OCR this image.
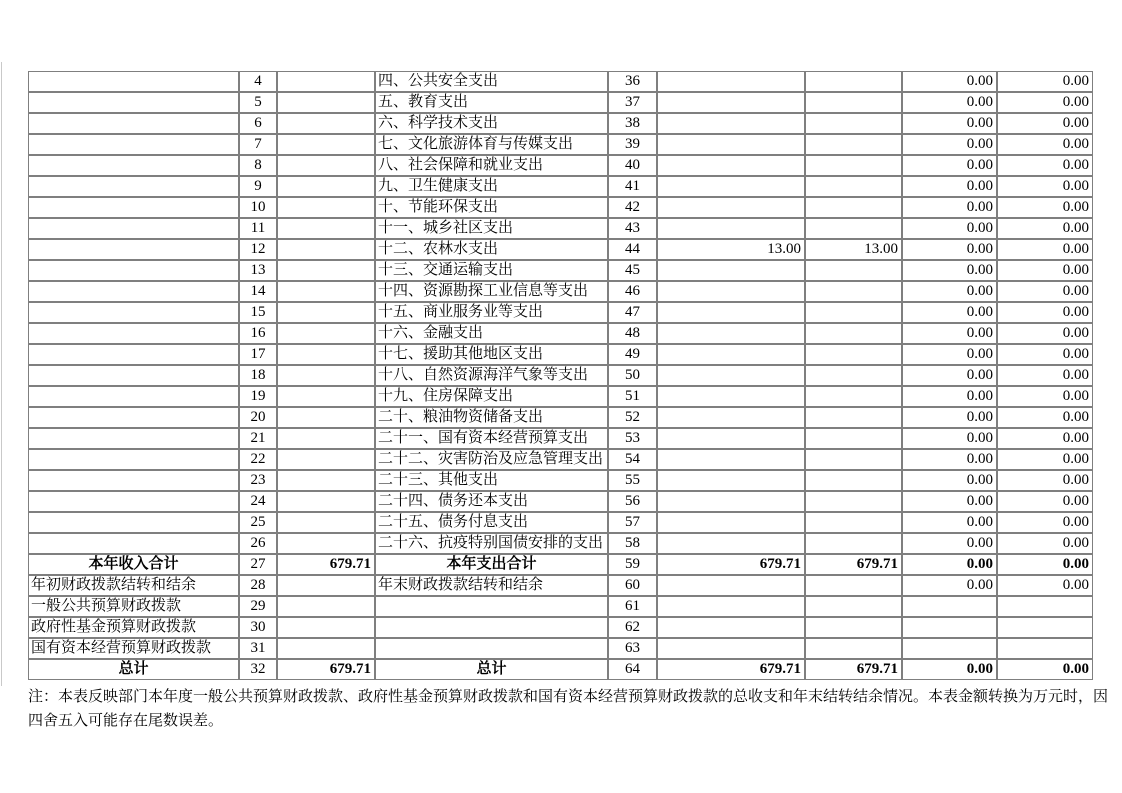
	4		四、公共安全支出	36			0.00	0.00
	5		五、教育支出	37			0.00	0.00
	6		六、科学技术支出	38			0.00	0.00
	7		七、文化旅游体育与传媒支出	39			0.00	0.00
	8		八、社会保障和就业支出	40			0.00	0.00
	9		九、卫生健康支出	41			0.00	0.00
	10		十、节能环保支出	42			0.00	0.00
	11		十一、城乡社区支出	43			0.00	0.00
	12		十二、农林水支出	44	13.00	13.00	0.00	0.00
	13		十三、交通运输支出	45			0.00	0.00
	14		十四、资源勘探工业信息等支出	46			0.00	0.00
	15		十五、商业服务业等支出	47			0.00	0.00
	16		十六、金融支出	48			0.00	0.00
	17		十七、援助其他地区支出	49			0.00	0.00
	18		十八、自然资源海洋气象等支出	50			0.00	0.00
	19		十九、住房保障支出	51			0.00	0.00
	20		二十、粮油物资储备支出	52			0.00	0.00
	21		二十一、国有资本经营预算支出	53			0.00	0.00
	22		二十二、灾害防治及应急管理支出	54			0.00	0.00
	23		二十三、其他支出	55			0.00	0.00
	24		二十四、债务还本支出	56			0.00	0.00
	25		二十五、债务付息支出	57			0.00	0.00
	26		二十六、抗疫特别国债安排的支出	58			0.00	0.00
本年收入合计	27	679.71	本年支出合计	59	679.71	679.71	0.00	0.00
年初财政拨款结转和结余	28		年末财政拨款结转和结余	60			0.00	0.00
一般公共预算财政拨款	29			61				
政府性基金预算财政拨款	30			62				
国有资本经营预算财政拨款	31			63				
总计	32	679.71	总计	64	679.71	679.71	0.00	0.00
注：本表反映部门本年度一般公共预算财政拨款、政府性基金预算财政拨款和国有资本经营预算财政拨款的总收支和年末结转结余情况。本表金额转换为万元时，因
四舍五入可能存在尾数误差。
